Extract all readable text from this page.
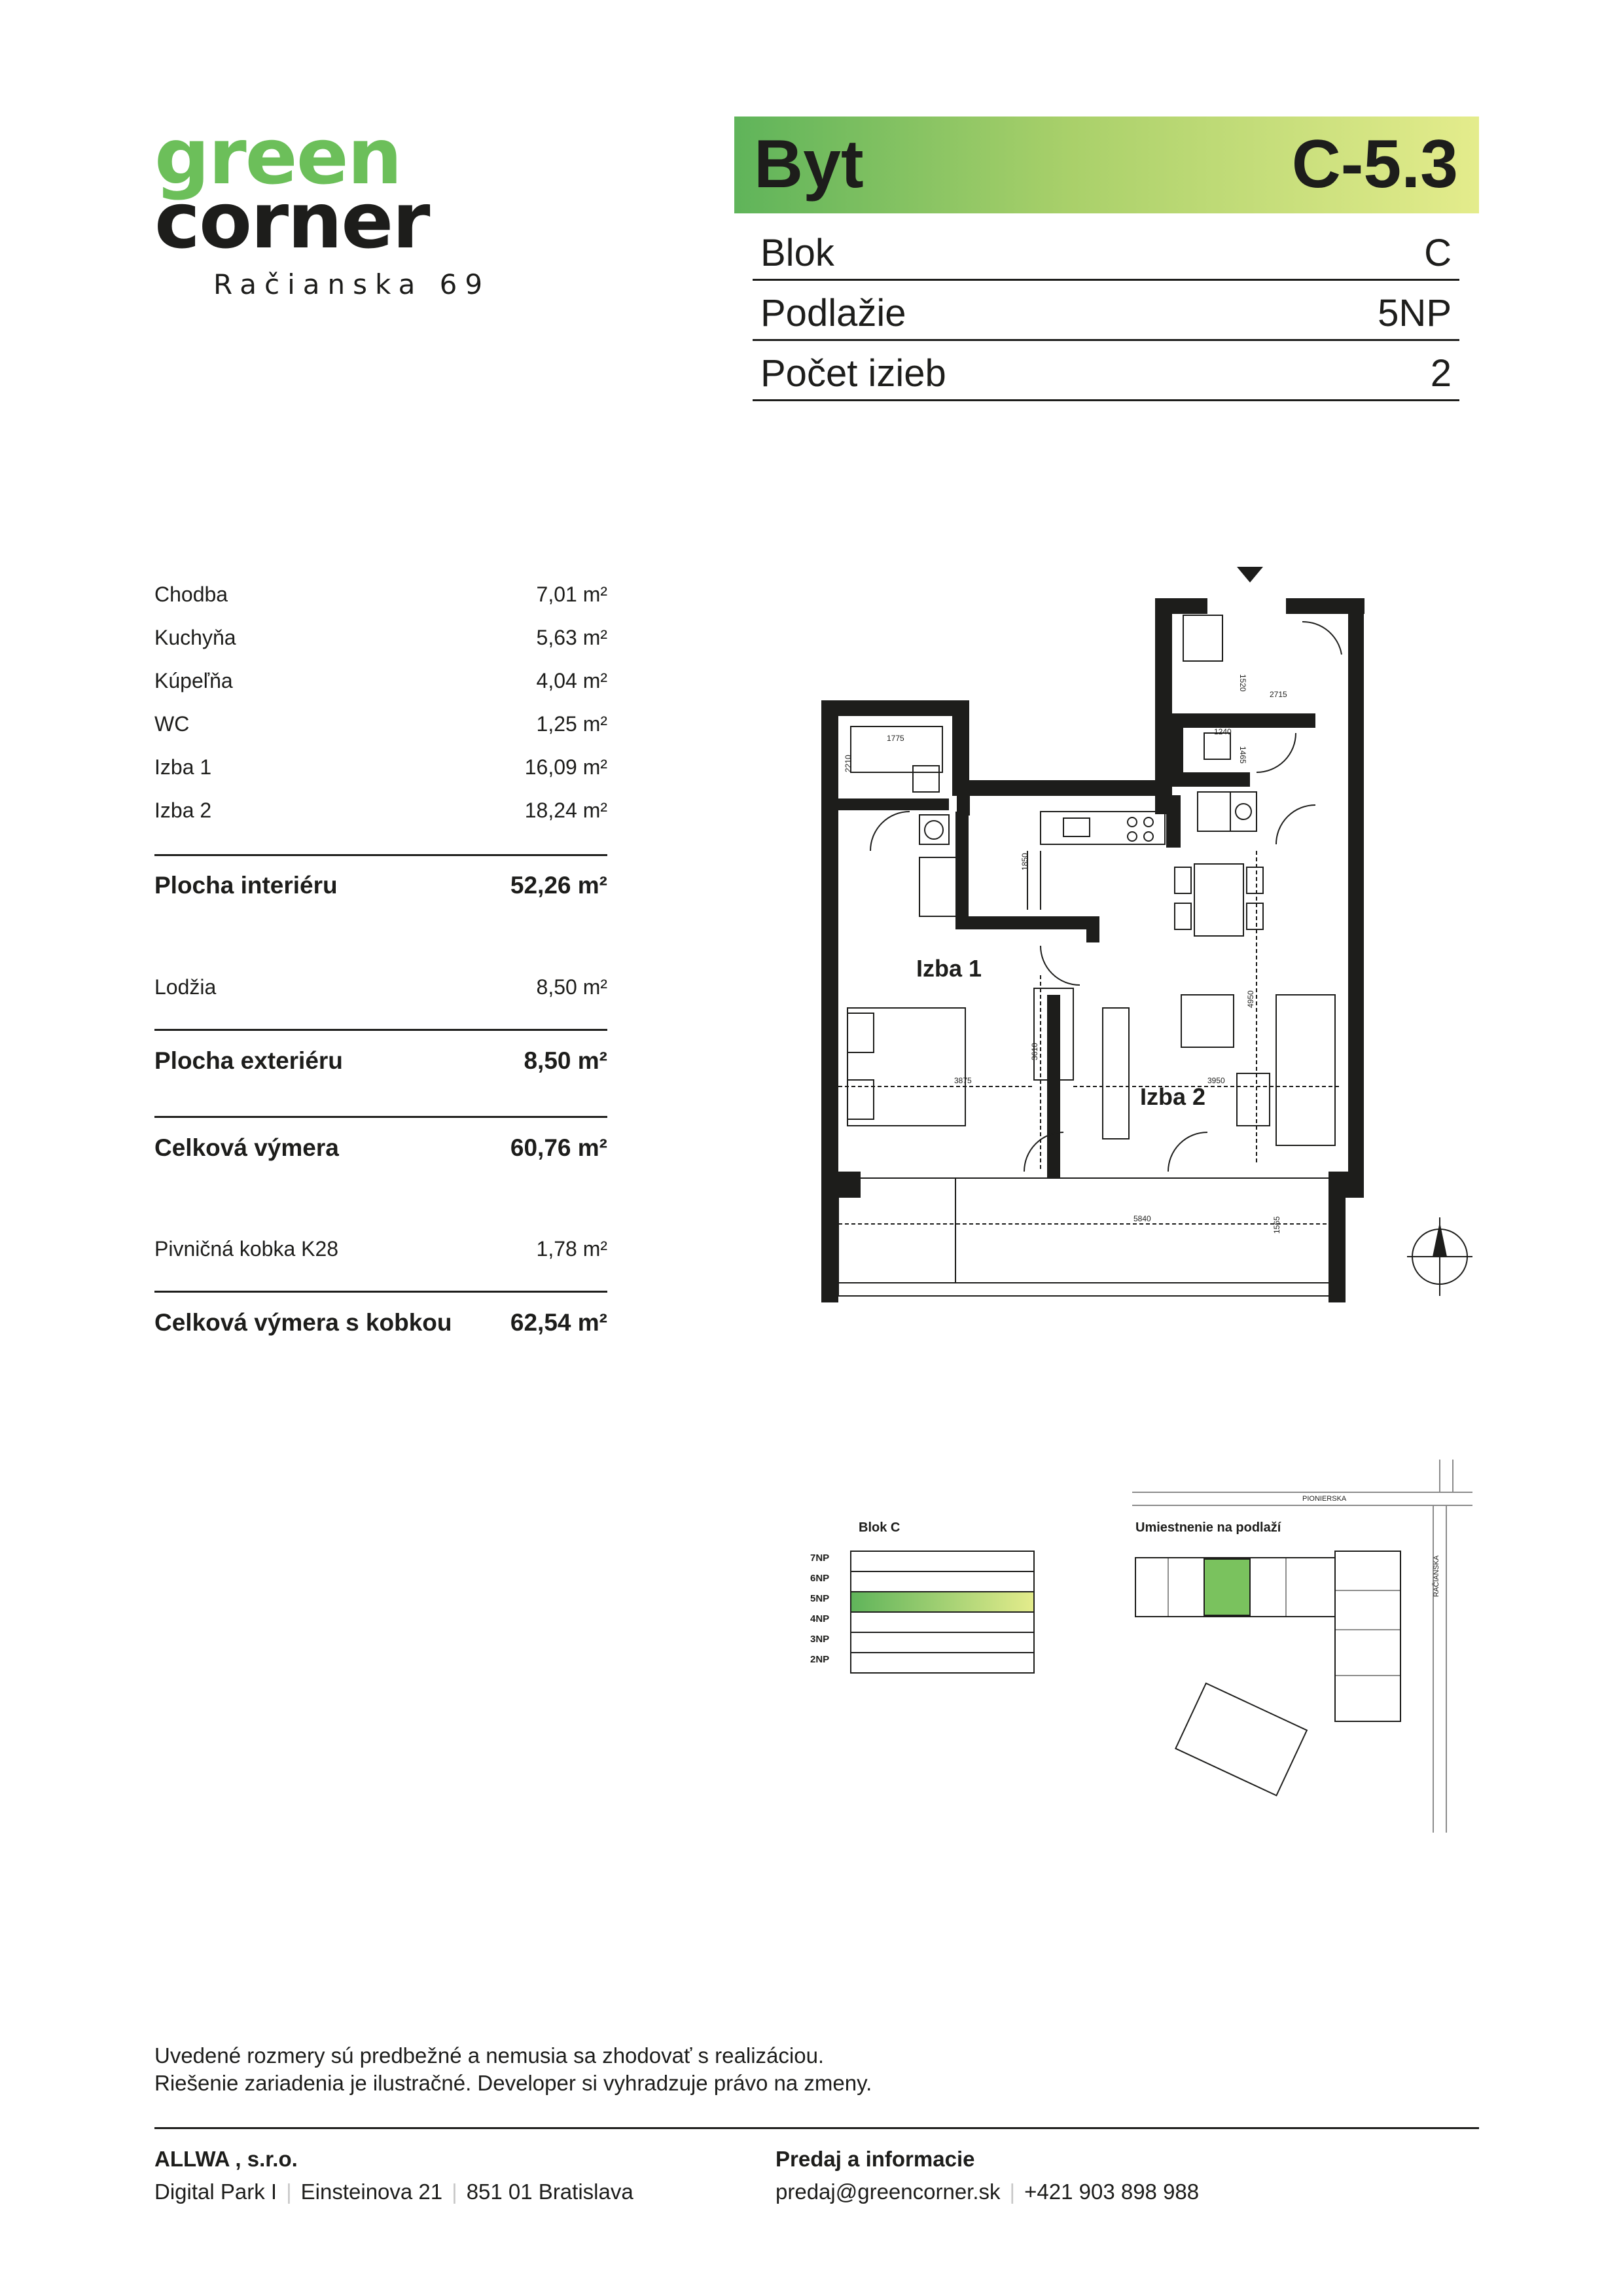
green
corner
Račianska 69
Byt	C-5.3
Blok	C
Podlažie	5NP
Počet izieb	2
Chodba	7,01 m²
Kuchyňa	5,63 m²
Kúpeľňa	4,04 m²
WC	1,25 m²
Izba 1	16,09 m²
Izba 2	18,24 m²
Plocha interiéru	52,26 m²
Lodžia	8,50 m²
Plocha exteriéru	8,50 m²
Celková výmera	60,76 m²
Pivničná kobka K28	1,78 m²
Celková výmera s kobkou 62,54 m²
Izba 1
Izba 2
1520
2715
1240
1465
1775
2210
1850
3610
3875	3950
4950
5840	1565
Blok C
7NP
6NP
5NP
4NP
3NP
2NP
Umiestnenie na podlaží
PIONIERSKA
RAČIANSKA
Uvedené rozmery sú predbežné a nemusia sa zhodovať s realizáciou.
Riešenie zariadenia je ilustračné. Developer si vyhradzuje právo na zmeny.
ALLWA , s.r.o.
Digital Park I | Einsteinova 21 | 851 01 Bratislava
Predaj a informacie
predaj@greencorner.sk | +421 903 898 988
